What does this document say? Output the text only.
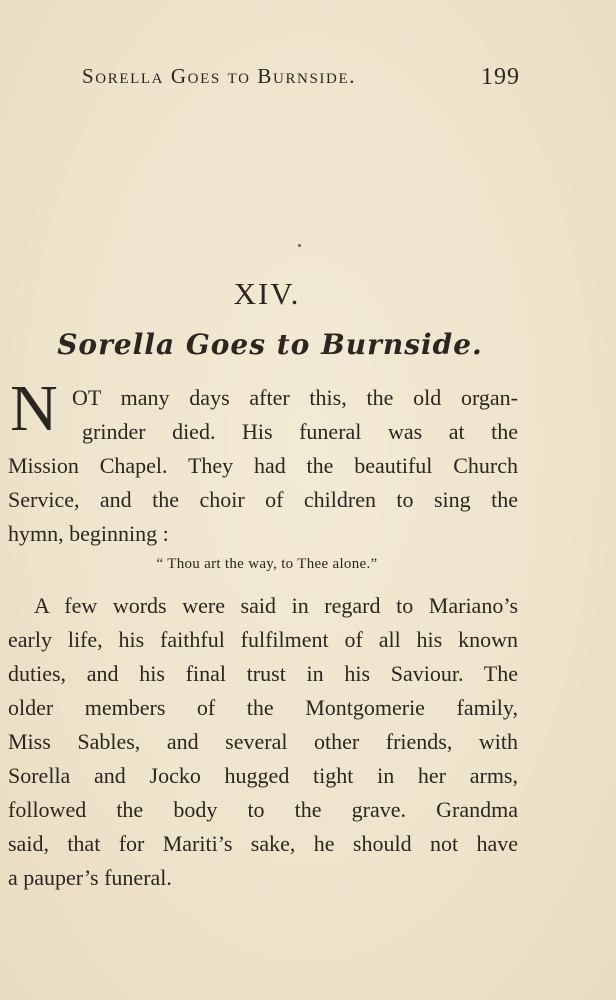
Sorella Goes to Burnside.	199
XIV.
Sorella Goes to Burnside.
N OT many days after this, the old organ-
grinder died. His funeral was at the
Mission Chapel. They had the beautiful Church
Service, and the choir of children to sing the
hymn, beginning :
“ Thou art the way, to Thee alone.”
A few words were said in regard to Mariano’s
early life, his faithful fulfilment of all his known
duties, and his final trust in his Saviour. The
older members of the Montgomerie family,
Miss Sables, and several other friends, with
Sorella and Jocko hugged tight in her arms,
followed the body to the grave. Grandma
said, that for Mariti’s sake, he should not have
a pauper’s funeral.
